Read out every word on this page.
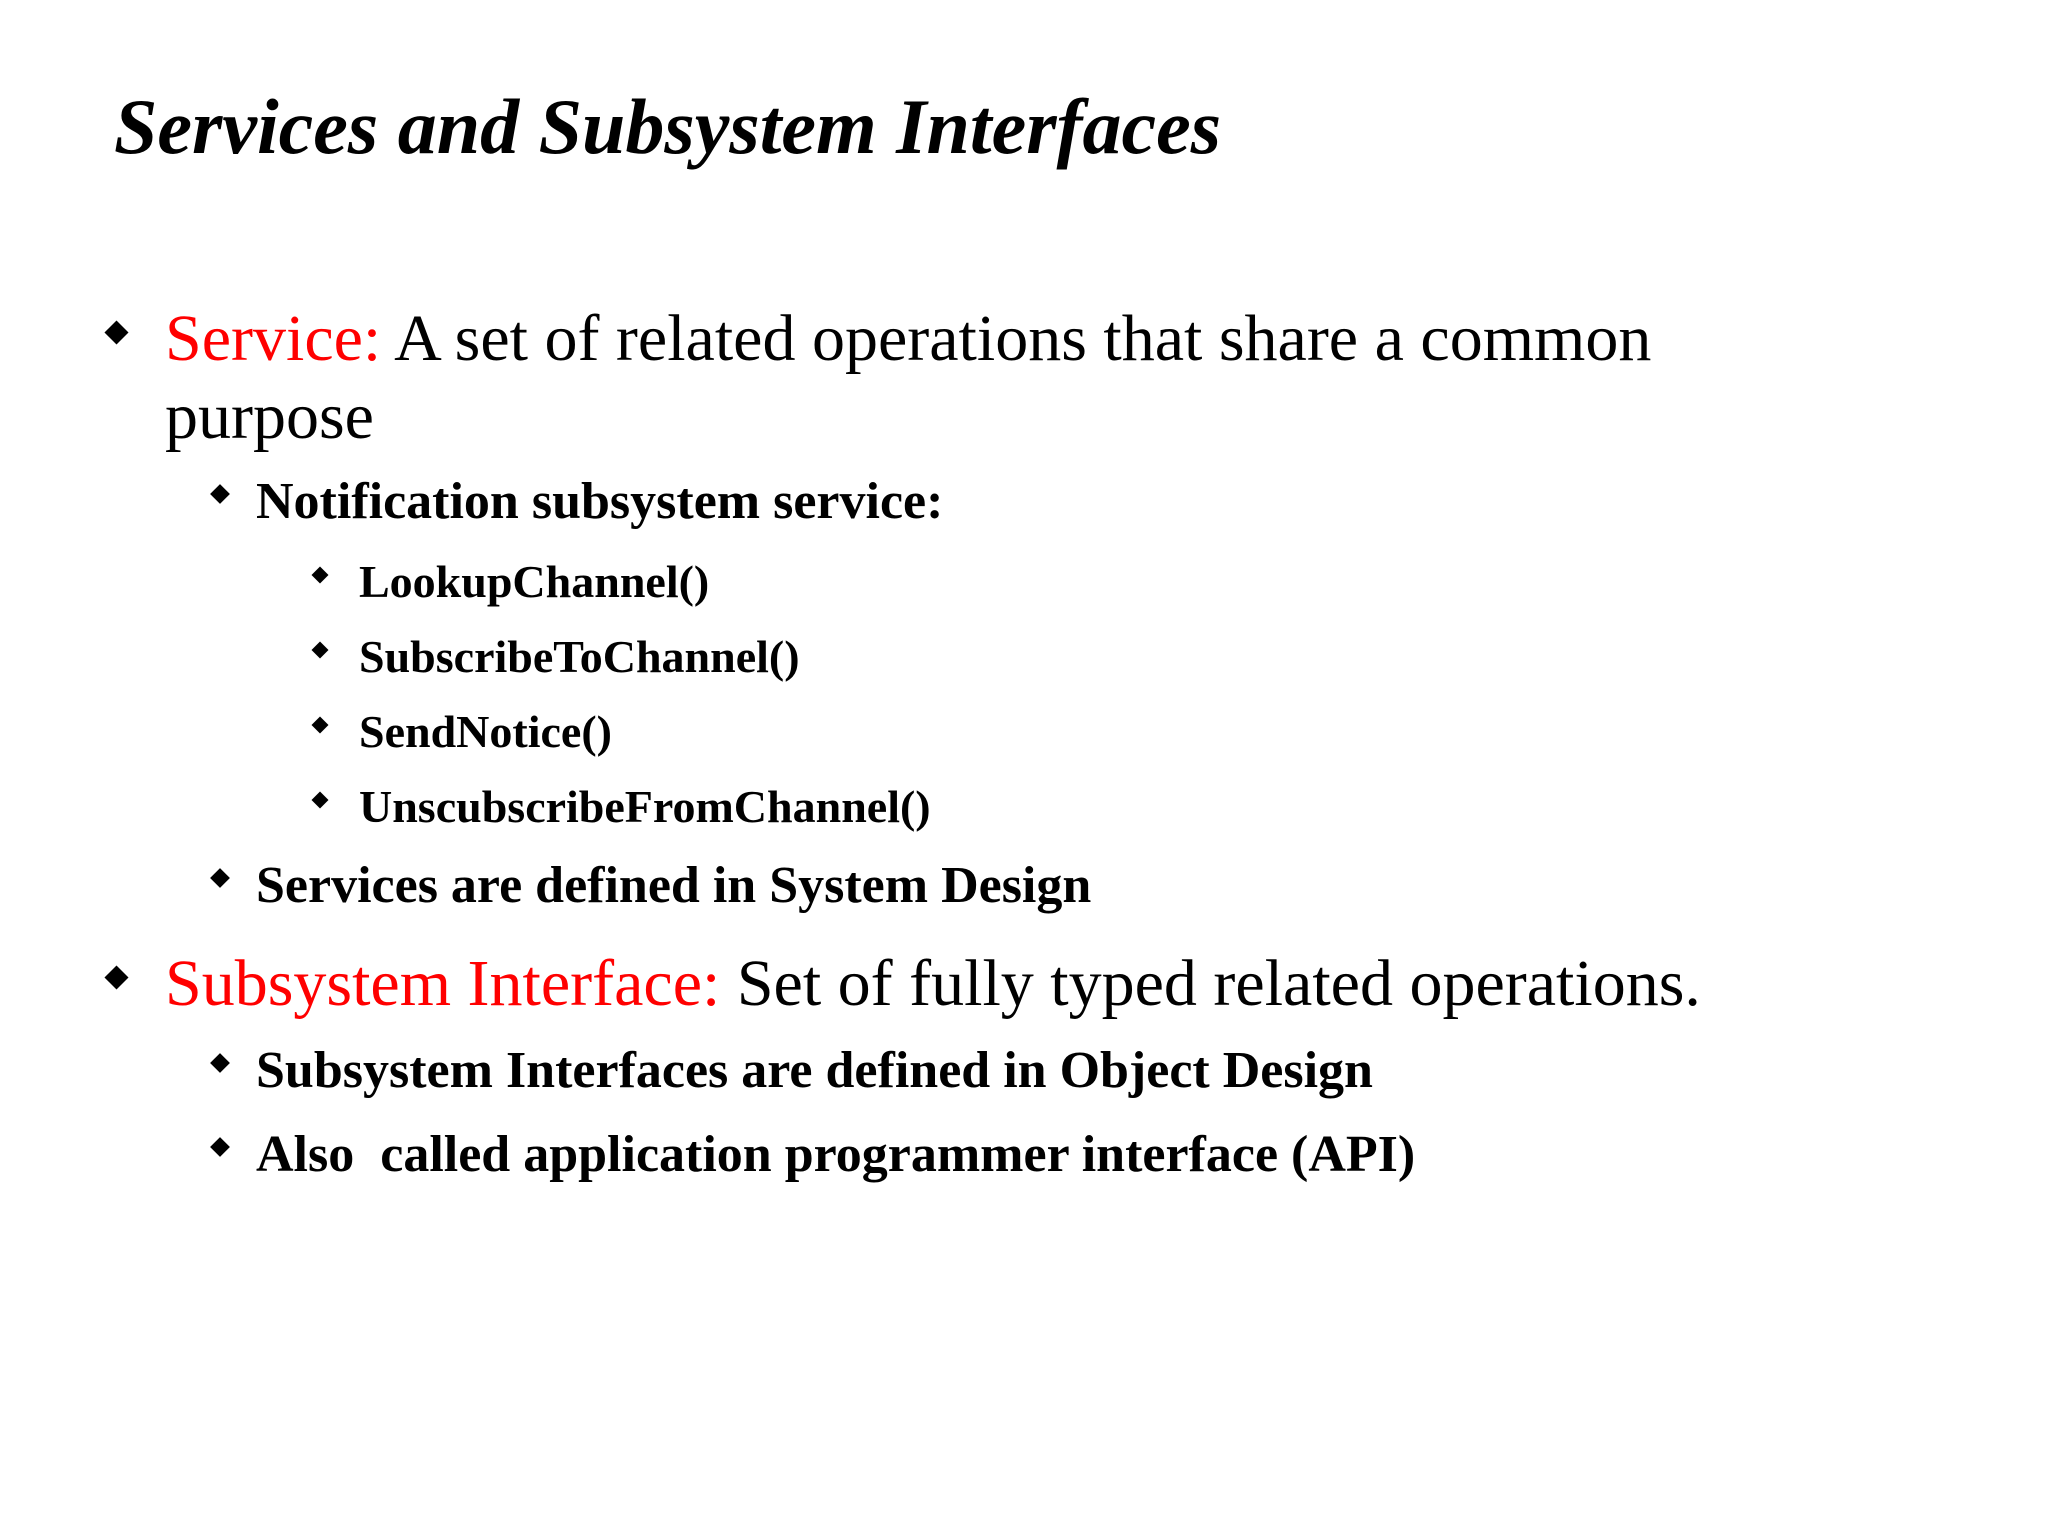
Services and Subsystem Interfaces
Service: A set of related operations that share a common
purpose
Notification subsystem service:
LookupChannel()
SubscribeToChannel()
SendNotice()
UnscubscribeFromChannel()
Services are defined in System Design
Subsystem Interface: Set of fully typed related operations.
Subsystem Interfaces are defined in Object Design
Also  called application programmer interface (API)
